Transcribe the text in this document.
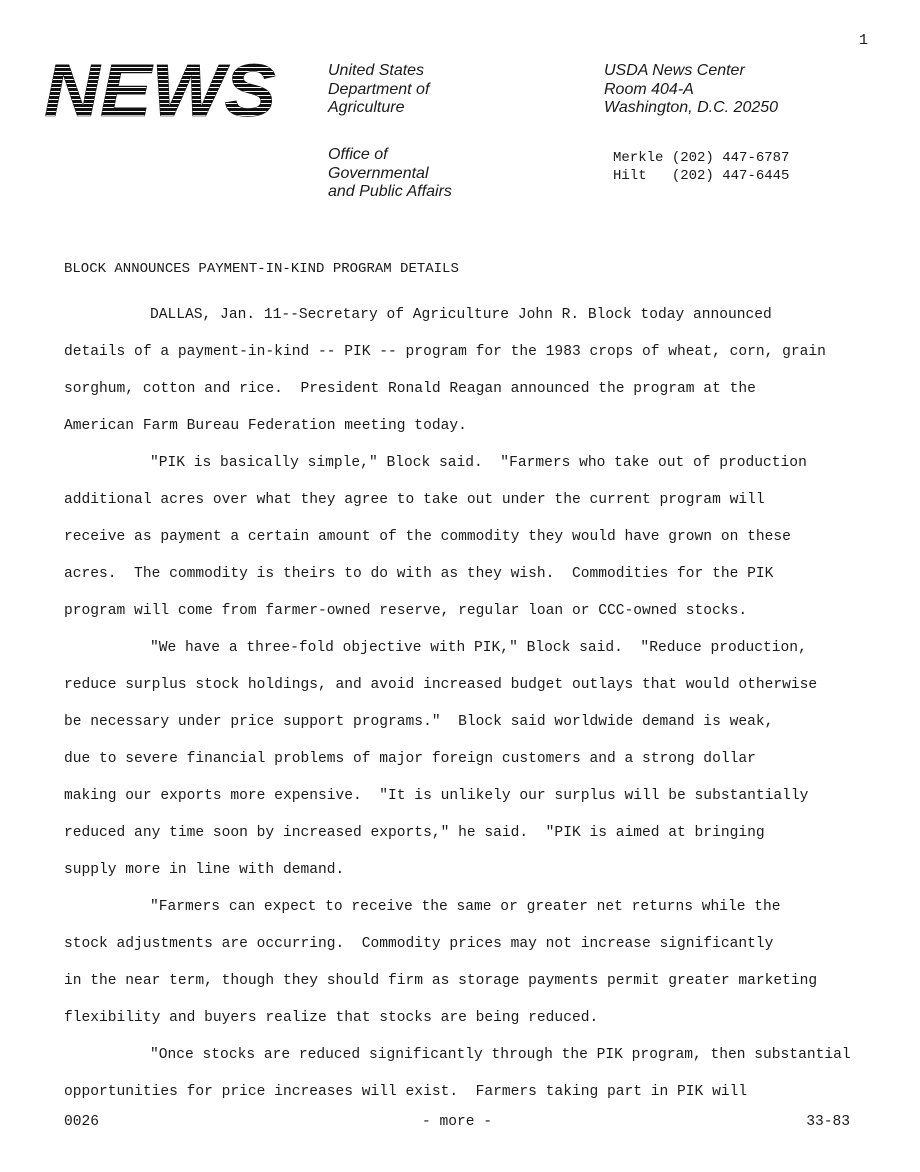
1
NEWS	United States
Department of
Agriculture
Office of
Governmental
and Public Affairs
USDA News Center
Room 404-A
Washington, D.C. 20250
Merkle (202) 447-6787
Hilt (202) 447-6445
BLOCK ANNOUNCES PAYMENT-IN-KIND PROGRAM DETAILS
DALLAS, Jan. 11--Secretary of Agriculture John R. Block today announced
details of a payment-in-kind -- PIK -- program for the 1983 crops of wheat, corn, grain
sorghum, cotton and rice.  President Ronald Reagan announced the program at the
American Farm Bureau Federation meeting today.
"PIK is basically simple," Block said.  "Farmers who take out of production
additional acres over what they agree to take out under the current program will
receive as payment a certain amount of the commodity they would have grown on these
acres.  The commodity is theirs to do with as they wish.  Commodities for the PIK
program will come from farmer-owned reserve, regular loan or CCC-owned stocks.
"We have a three-fold objective with PIK," Block said.  "Reduce production,
reduce surplus stock holdings, and avoid increased budget outlays that would otherwise
be necessary under price support programs."  Block said worldwide demand is weak,
due to severe financial problems of major foreign customers and a strong dollar
making our exports more expensive.  "It is unlikely our surplus will be substantially
reduced any time soon by increased exports," he said.  "PIK is aimed at bringing
supply more in line with demand.
"Farmers can expect to receive the same or greater net returns while the
stock adjustments are occurring.  Commodity prices may not increase significantly
in the near term, though they should firm as storage payments permit greater marketing
flexibility and buyers realize that stocks are being reduced.
"Once stocks are reduced significantly through the PIK program, then substantial
opportunities for price increases will exist.  Farmers taking part in PIK will
0026	- more -	33-83
